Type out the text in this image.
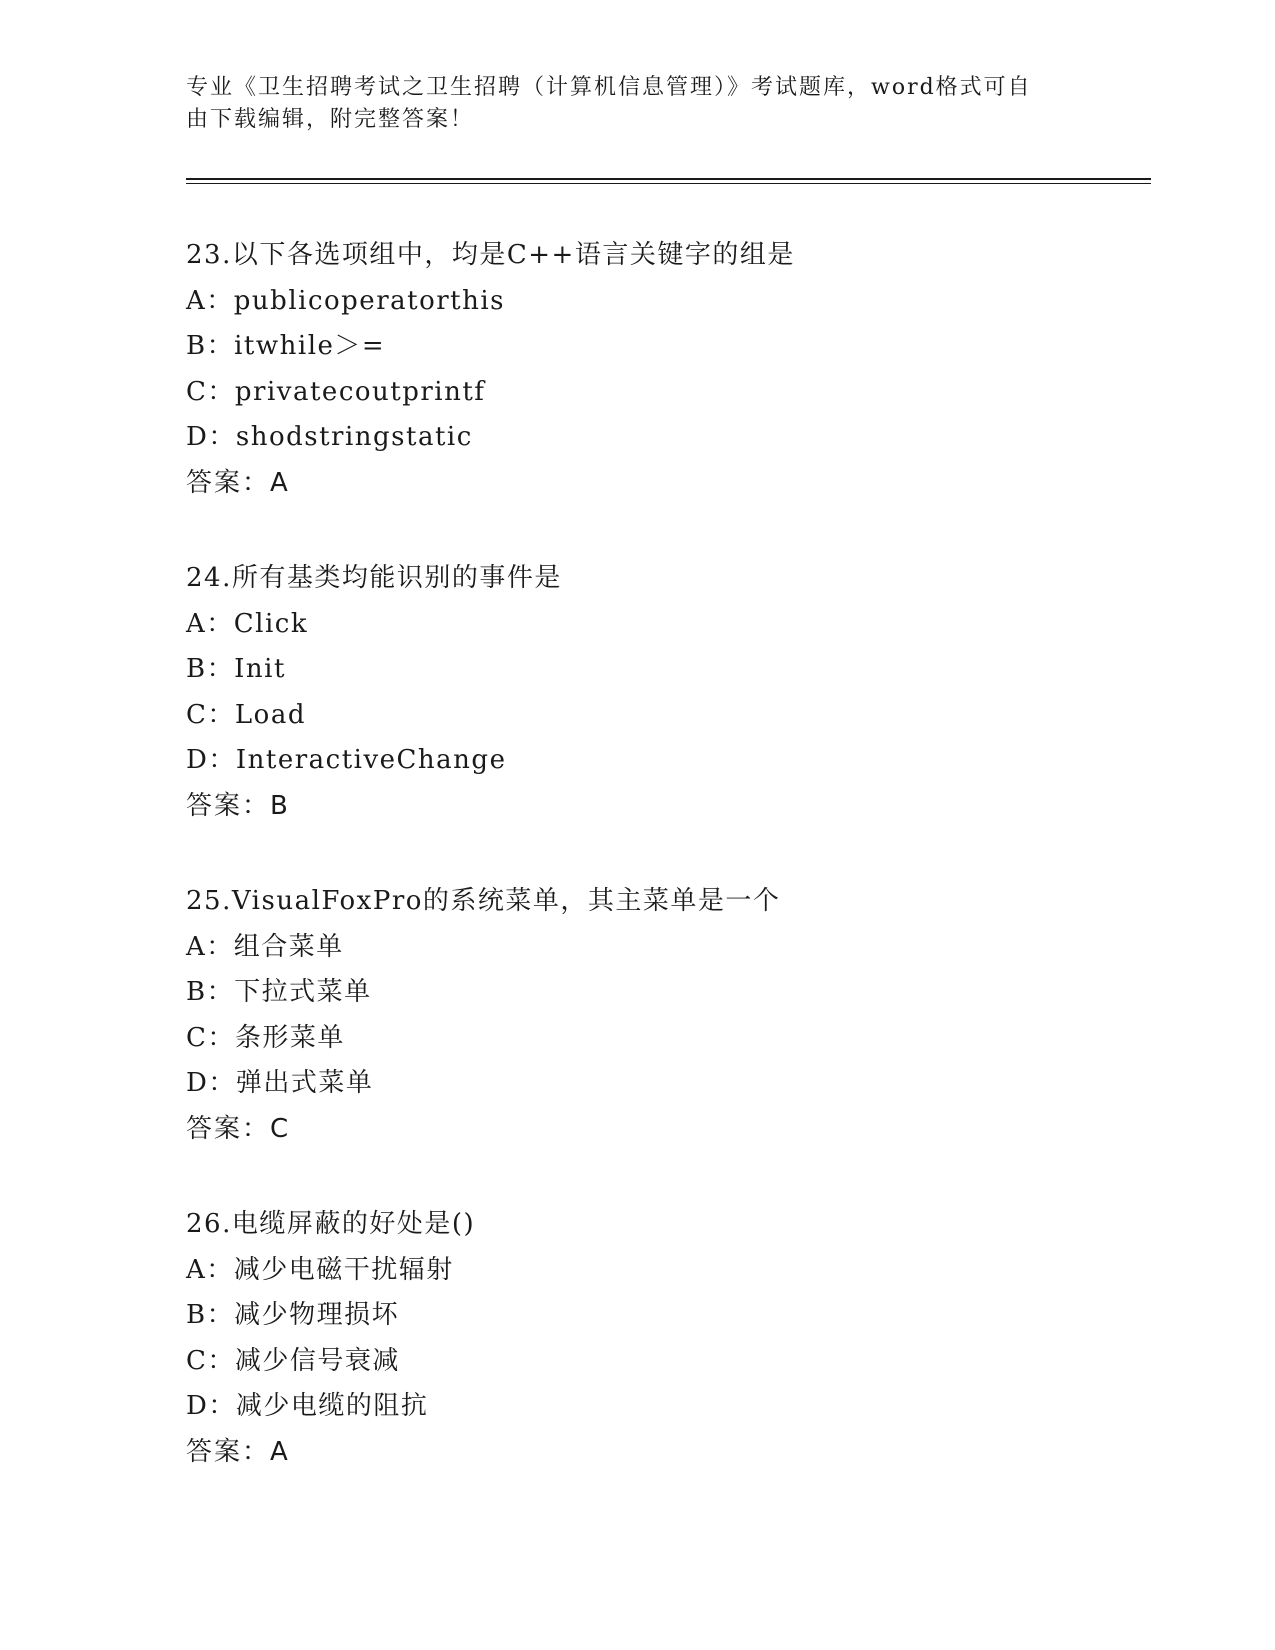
专业《卫生招聘考试之卫生招聘（计算机信息管理）》考试题库，word格式可自
由下载编辑，附完整答案！
23.以下各选项组中，均是C++语言关键字的组是
A：publicoperatorthis
B：itwhile＞=
C：privatecoutprintf
D：shodstringstatic
答案：A
24.所有基类均能识别的事件是
A：Click
B：Init
C：Load
D：InteractiveChange
答案：B
25.VisualFoxPro的系统菜单，其主菜单是一个
A：组合菜单
B：下拉式菜单
C：条形菜单
D：弹出式菜单
答案：C
26.电缆屏蔽的好处是()
A：减少电磁干扰辐射
B：减少物理损坏
C：减少信号衰减
D：减少电缆的阻抗
答案：A
